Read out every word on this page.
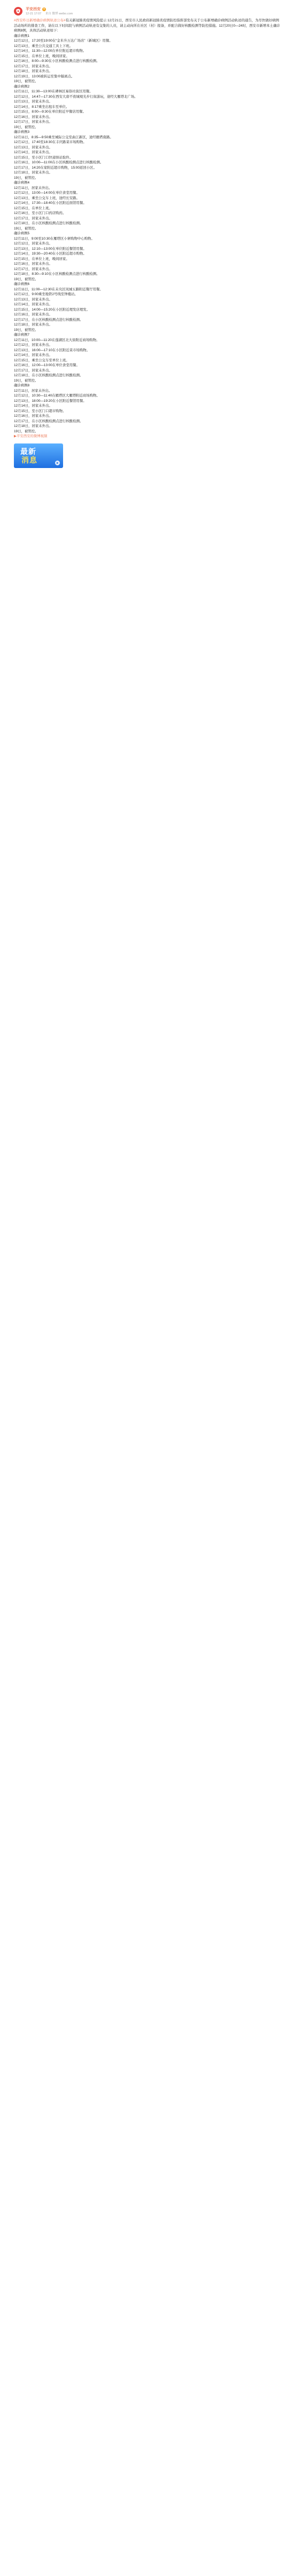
平安西安	v
12-21 17:07 来自 微博 weibo.com

#西安昨日新增确诊病例轨迹公布#有关新冠肺炎疫情风险提示 12月21日，西安市人民政府新冠肺炎疫情防控指挥部发布关于公布新增确诊病例活动轨迹的通告，为尽快做好病例活动场所的排查工作，请在以下时间段与病例活动轨迹有交集的人员，请主动向所在社区（村）报备，并配合做好核酸检测等防控措施。12月20日0—24时，西安市新增本土确诊病例8例，具体活动轨迹如下：

确诊病例1

12月12日，17:20至19:00在“金米升万达广场店”（新城区）用餐。

12月13日，乘坐公共交通工具上下班。

12月14日，11:30—12:00在单位附近超市购物。

12月15日，在单位上班，晚间居家。

12月16日，8:00—9:30在小区核酸检测点进行核酸检测。

12月17日，居家未外出。

12月18日，居家未外出。

12月19日，13:00被转运至集中隔离点。

19日，被管控。

确诊病例2

12月11日，11:30—13:00在碑林区易俗社街区用餐。

12月12日，14:47—17:30在西安大唐不夜城观光步行街游玩，途经大雁塔北广场。

12月13日，居家未外出。

12月14日，8:17乘坐出租车至单位。

12月15日，8:00—9:30在单位附近早餐店用餐。

12月16日，居家未外出。

12月17日，居家未外出。

19日，被管控。

确诊病例3

12月11日，8:35—9:50乘坐城际公交至曲江新区，途经雁塔南路。

12月12日，17:40至18:30在丰庆路菜市场购物。

12月13日，居家未外出。

12月14日，居家未外出。

12月15日，至小区门口快递驿站取件。

12月16日，10:00—11:00在小区核酸检测点进行核酸检测。

12月17日，14:20在家附近超市购物，15:00返回小区。

12月18日，居家未外出。

19日，被管控。

确诊病例4

12月11日，居家未外出。

12月12日，13:00—14:00在单位食堂用餐。

12月13日，乘坐公交车上班，途经长安路。

12月14日，17:30—18:40在小区附近面馆用餐。

12月15日，在单位上班。

12月16日，至小区门口药店购药。

12月17日，居家未外出。

12月18日，在小区核酸检测点进行核酸检测。

19日，被管控。

确诊病例5

12月11日，9:00至10:30在雁塔区小寨购物中心购物。

12月12日，居家未外出。

12月13日，12:10—13:00在单位附近餐馆用餐。

12月14日，19:30—20:40在小区附近超市购物。

12月15日，在单位上班，晚间居家。

12月16日，居家未外出。

12月17日，居家未外出。

12月18日，8:30—9:10在小区核酸检测点进行核酸检测。

19日，被管控。

确诊病例6

12月11日，11:00—12:30在未央区凤城五路附近餐厅用餐。

12月12日，9:00乘坐地铁2号线至钟楼站。

12月13日，居家未外出。

12月14日，居家未外出。

12月15日，14:00—15:20在小区附近理发店理发。

12月16日，居家未外出。

12月17日，在小区核酸检测点进行核酸检测。

12月18日，居家未外出。

19日，被管控。

确诊病例7

12月11日，10:00—11:20在莲湖区北大街附近商场购物。

12月12日，居家未外出。

12月13日，16:00—17:10在小区附近菜市场购物。

12月14日，居家未外出。

12月15日，乘坐公交车至单位上班。

12月16日，12:00—13:00在单位食堂用餐。

12月17日，居家未外出。

12月18日，在小区核酸检测点进行核酸检测。

19日，被管控。

确诊病例8

12月11日，居家未外出。

12月12日，10:30—11:40在雁塔区大雁塔附近商场购物。

12月13日，18:00—19:20在小区附近餐馆用餐。

12月14日，居家未外出。

12月15日，至小区门口超市购物。

12月16日，居家未外出。

12月17日，在小区核酸检测点进行核酸检测。

12月18日，居家未外出。

19日，被管控。

▶平安西安的微博视频

最新
消息
